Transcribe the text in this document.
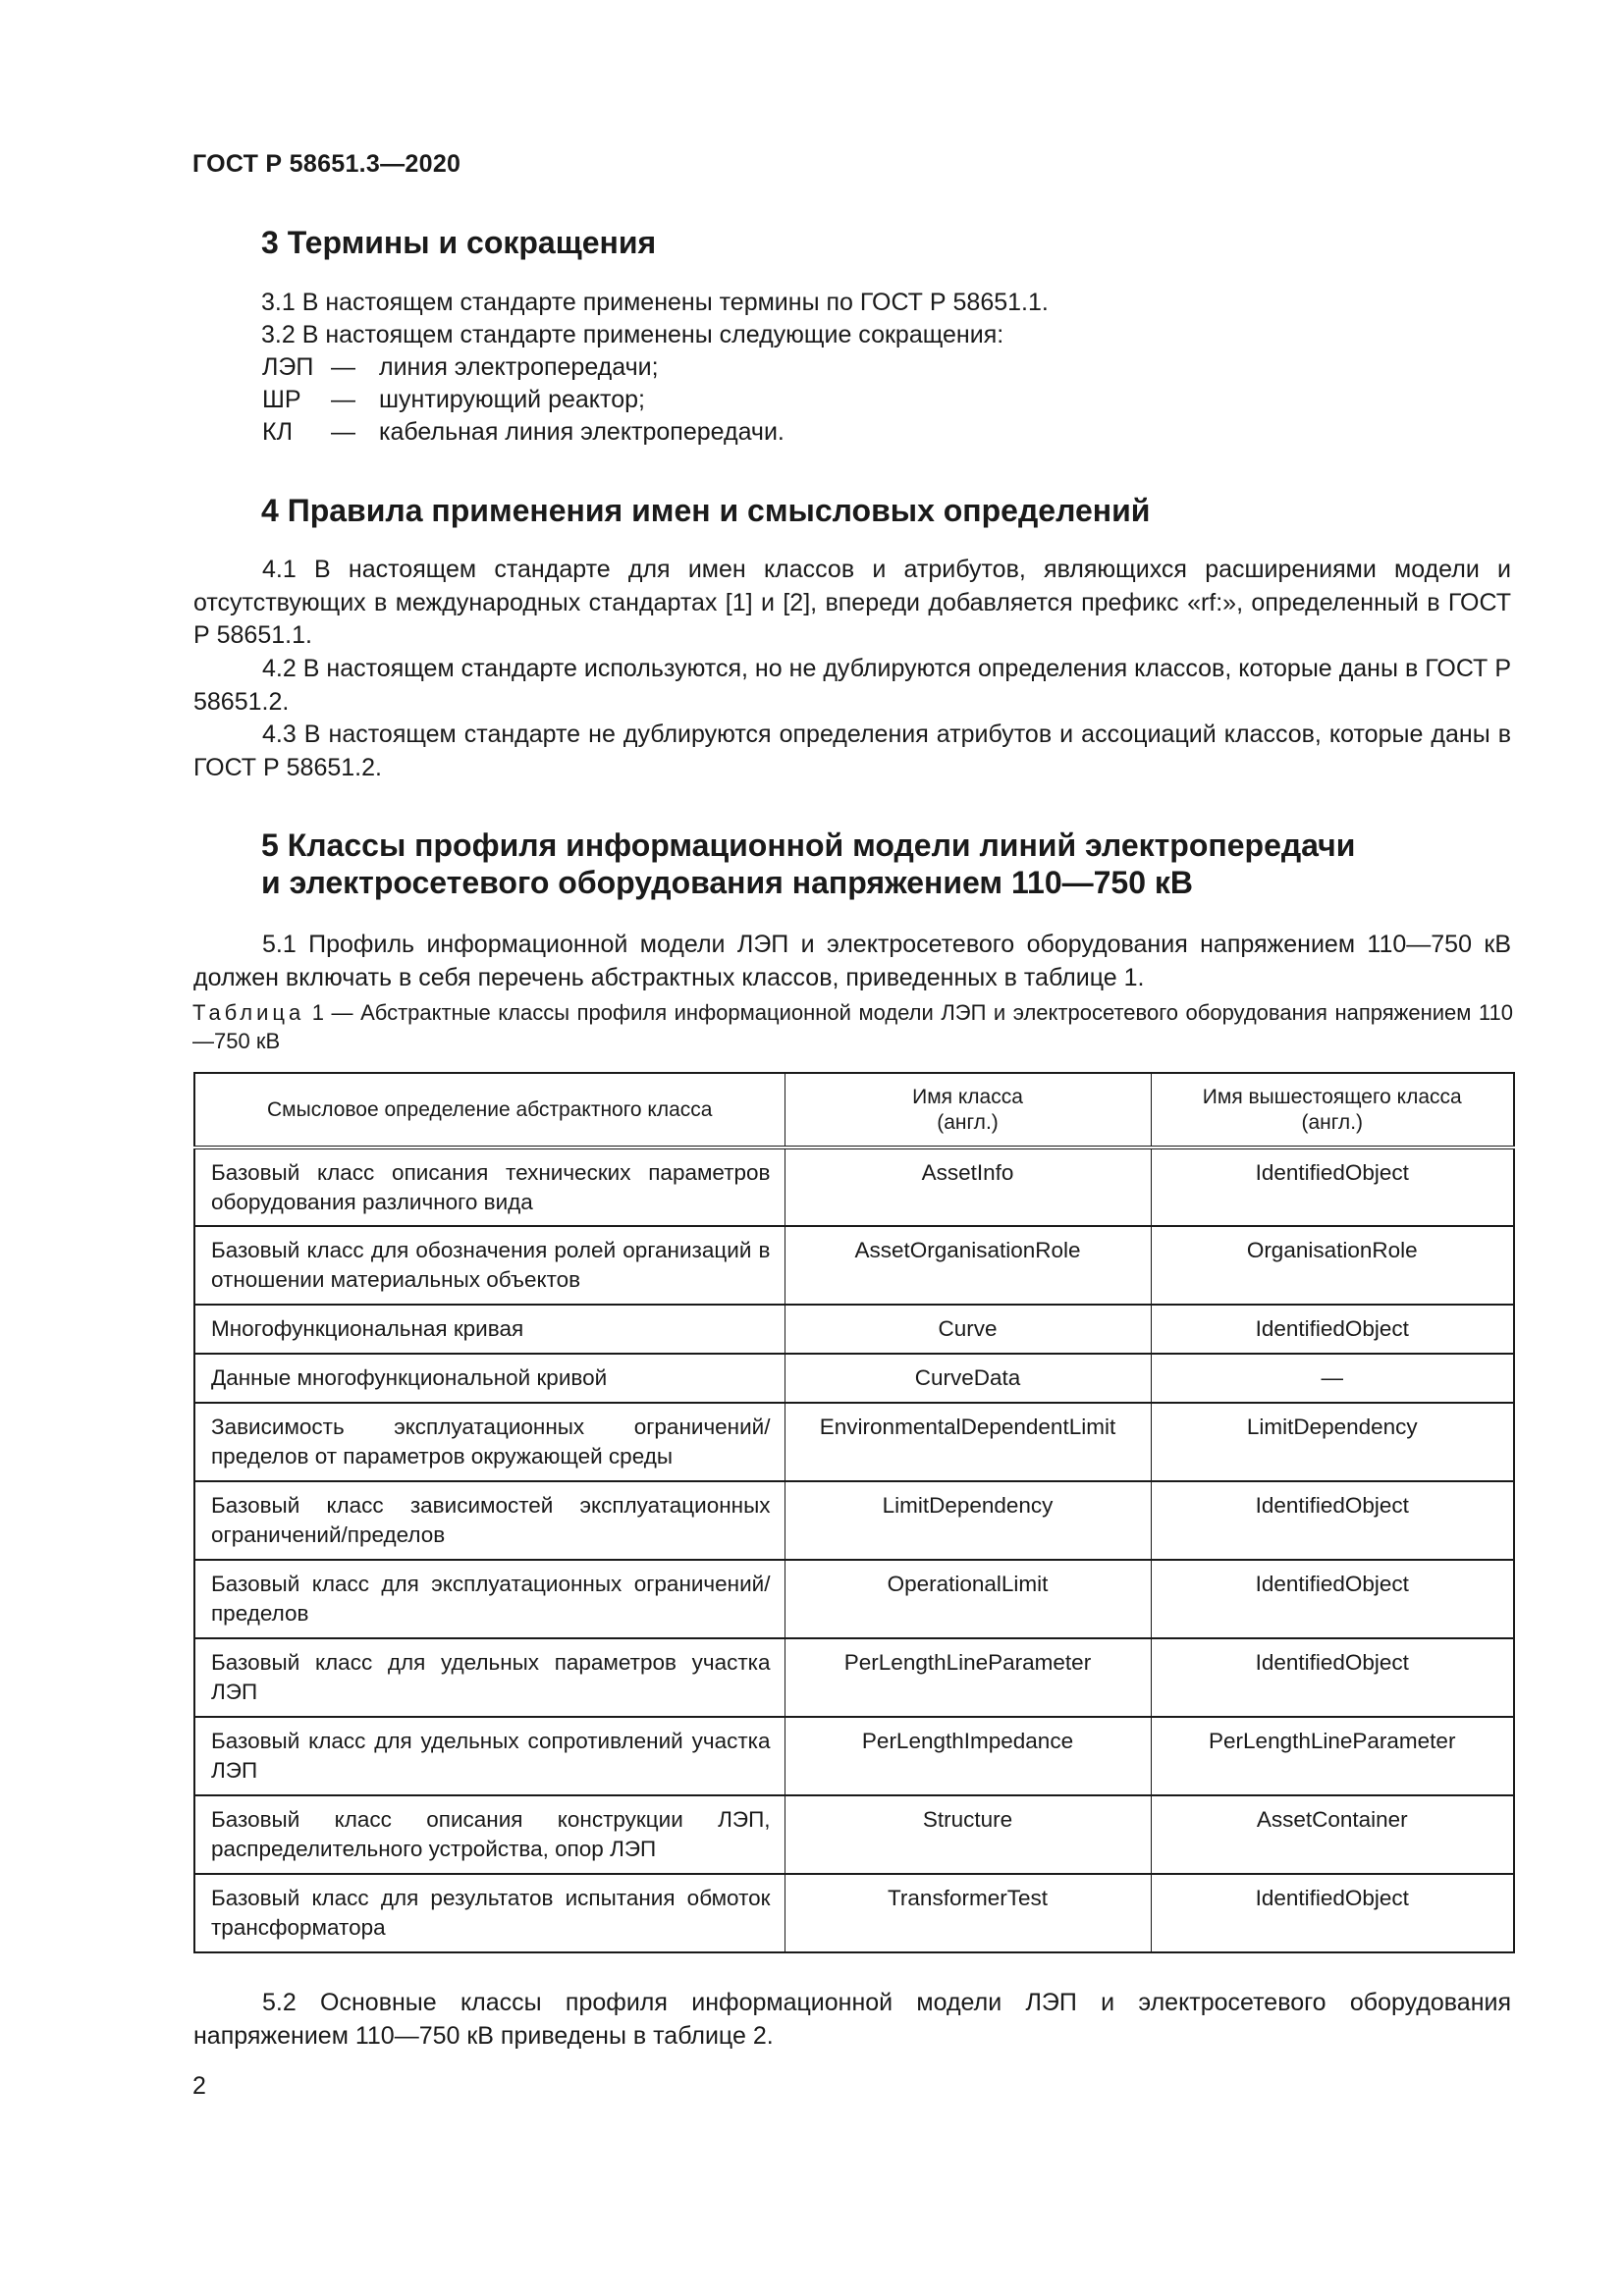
ГОСТ Р 58651.3—2020
3 Термины и сокращения
3.1 В настоящем стандарте применены термины по ГОСТ Р 58651.1.
3.2 В настоящем стандарте применены следующие сокращения:
ЛЭП — линия электропередачи;
ШР — шунтирующий реактор;
КЛ — кабельная линия электропередачи.
4 Правила применения имен и смысловых определений
4.1 В настоящем стандарте для имен классов и атрибутов, являющихся расширениями модели и отсутствующих в международных стандартах [1] и [2], впереди добавляется префикс «rf:», определенный в ГОСТ Р 58651.1.
4.2 В настоящем стандарте используются, но не дублируются определения классов, которые даны в ГОСТ Р 58651.2.
4.3 В настоящем стандарте не дублируются определения атрибутов и ассоциаций классов, которые даны в ГОСТ Р 58651.2.
5 Классы профиля информационной модели линий электропередачи
и электросетевого оборудования напряжением 110—750 кВ
5.1 Профиль информационной модели ЛЭП и электросетевого оборудования напряжением 110—750 кВ должен включать в себя перечень абстрактных классов, приведенных в таблице 1.
Таблица 1 — Абстрактные классы профиля информационной модели ЛЭП и электросетевого оборудования напряжением 110—750 кВ
Смысловое определение абстрактного класса	Имя класса (англ.)	Имя вышестоящего класса (англ.)
Базовый класс описания технических параметров оборудования различного вида	AssetInfo	IdentifiedObject
Базовый класс для обозначения ролей организаций в отношении материальных объектов	AssetOrganisationRole	OrganisationRole
Многофункциональная кривая	Curve	IdentifiedObject
Данные многофункциональной кривой	CurveData	—
Зависимость эксплуатационных ограничений/пределов от параметров окружающей среды	EnvironmentalDependentLimit	LimitDependency
Базовый класс зависимостей эксплуатационных ограничений/пределов	LimitDependency	IdentifiedObject
Базовый класс для эксплуатационных ограничений/пределов	OperationalLimit	IdentifiedObject
Базовый класс для удельных параметров участка ЛЭП	PerLengthLineParameter	IdentifiedObject
Базовый класс для удельных сопротивлений участка ЛЭП	PerLengthImpedance	PerLengthLineParameter
Базовый класс описания конструкции ЛЭП, распределительного устройства, опор ЛЭП	Structure	AssetContainer
Базовый класс для результатов испытания обмоток трансформатора	TransformerTest	IdentifiedObject
5.2 Основные классы профиля информационной модели ЛЭП и электросетевого оборудования напряжением 110—750 кВ приведены в таблице 2.
2
